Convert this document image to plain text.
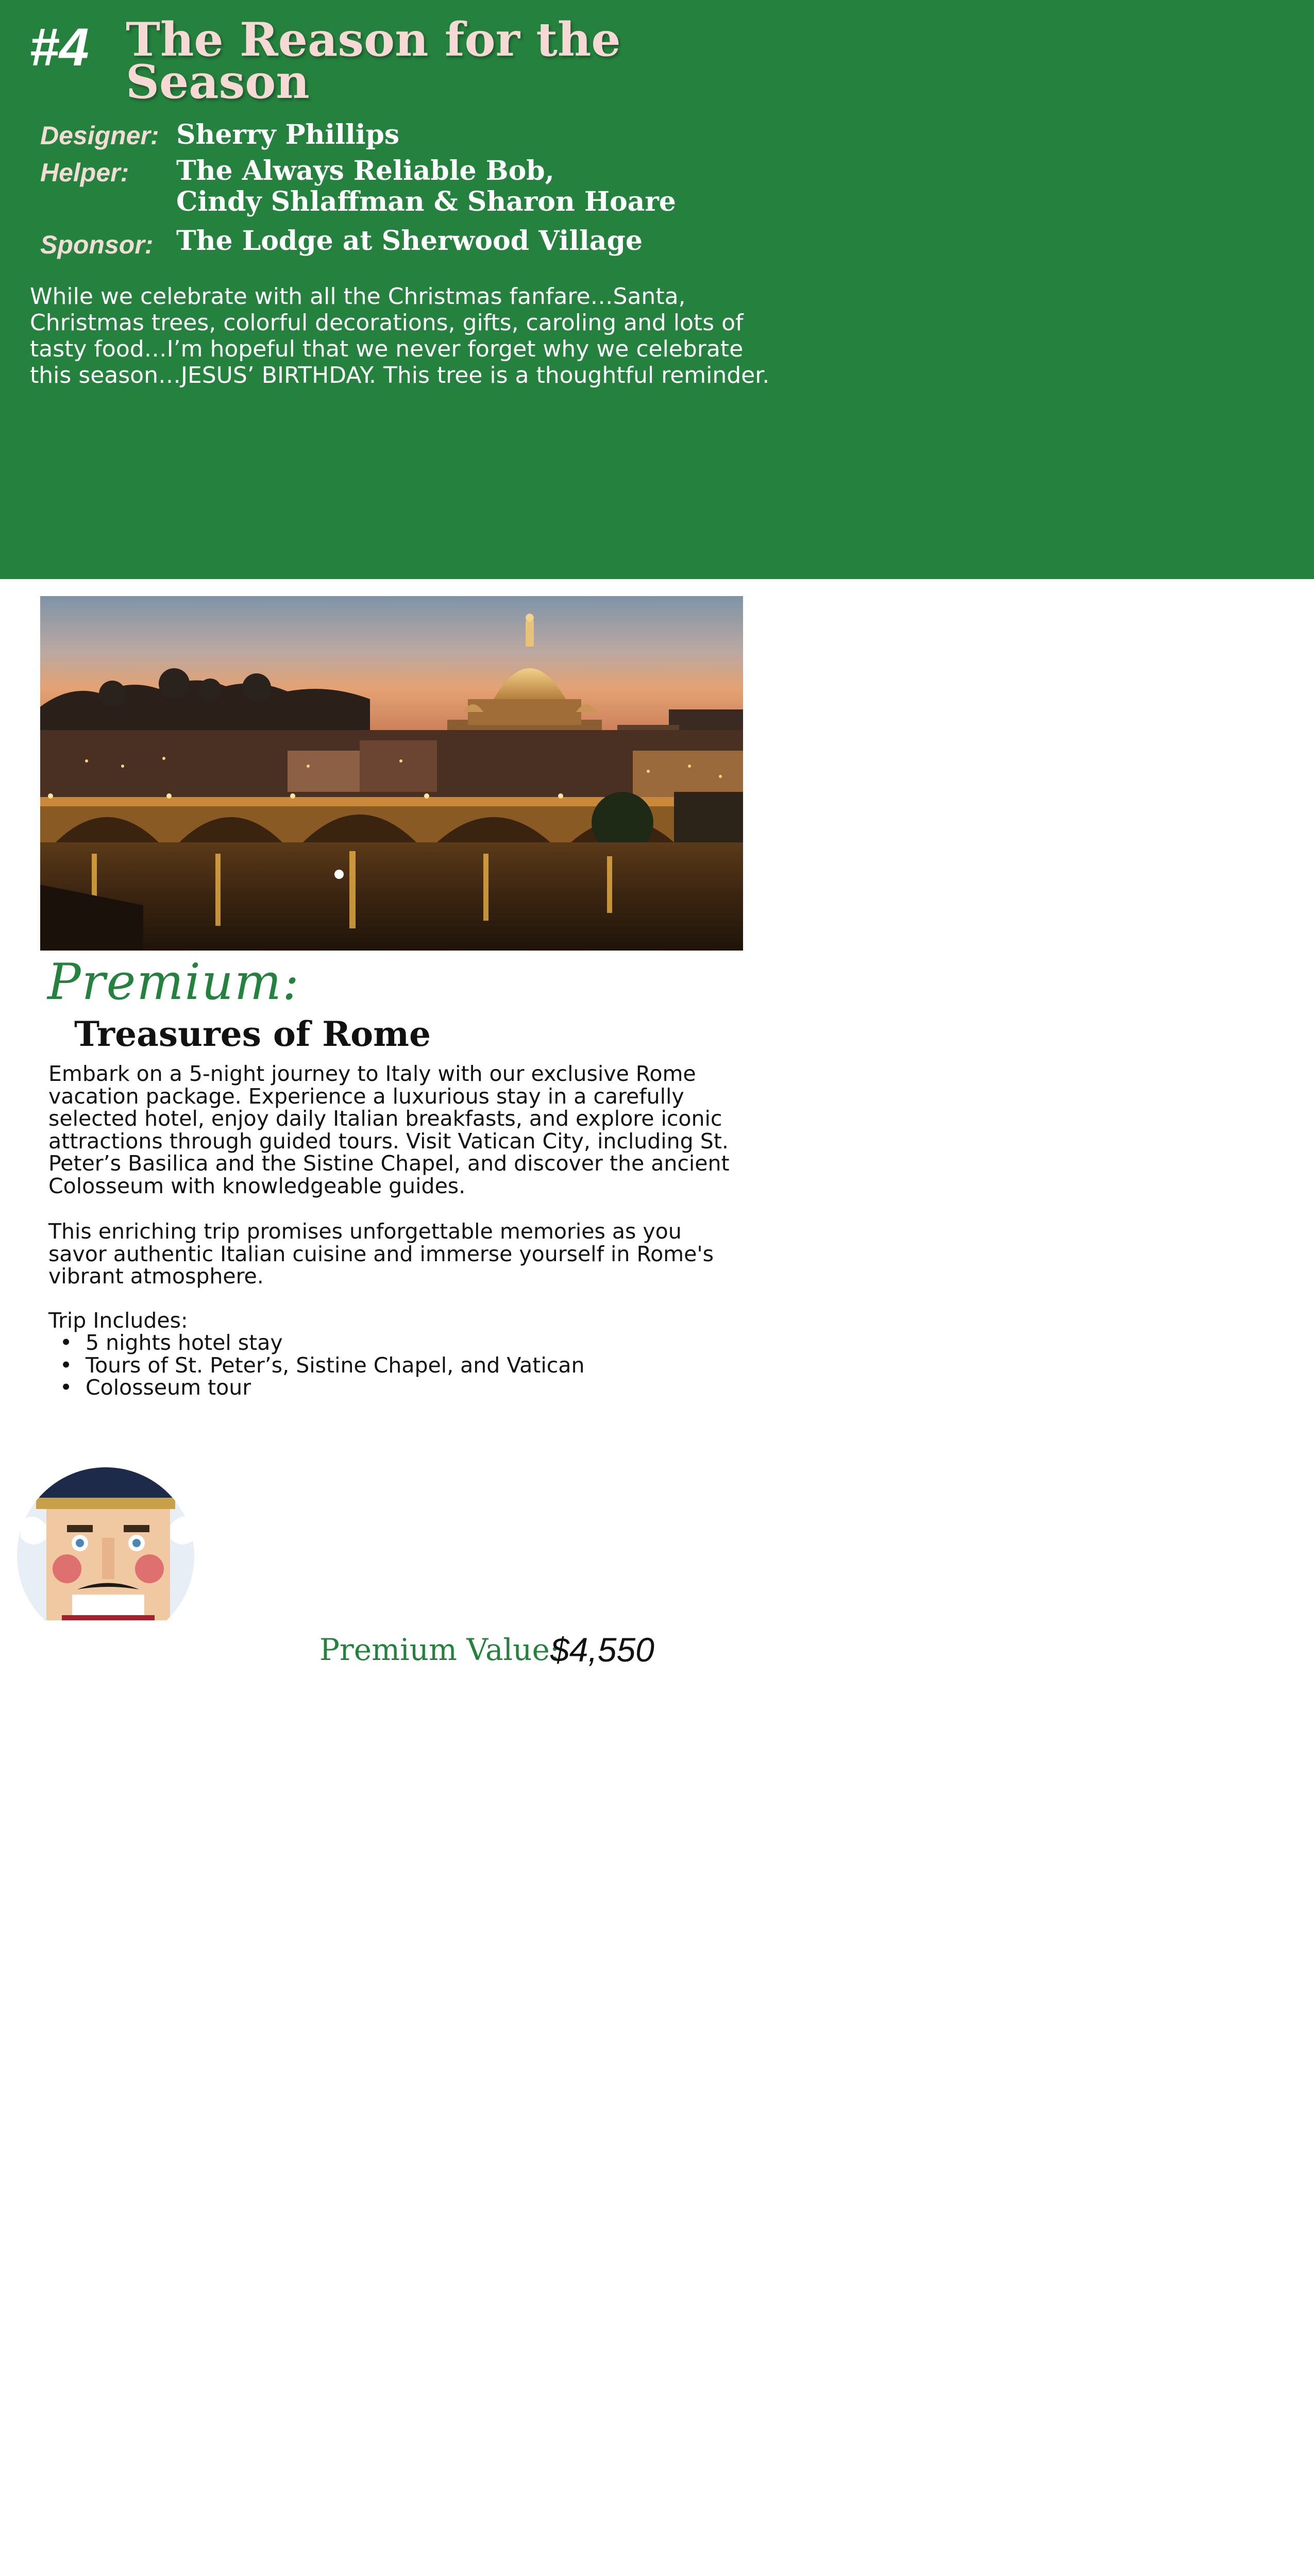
#4 The Reason for the
Season
Designer: Sherry Phillips
Helper: The Always Reliable Bob,
Cindy Shlaffman & Sharon Hoare
Sponsor: The Lodge at Sherwood Village
While we celebrate with all the Christmas fanfare…Santa, Christmas trees, colorful decorations, gifts, caroling and lots of tasty food…I’m hopeful that we never forget why we celebrate this season…JESUS’ BIRTHDAY. This tree is a thoughtful reminder.
Premium:
Treasures of Rome

Embark on a 5-night journey to Italy with our exclusive Rome vacation package. Experience a luxurious stay in a carefully selected hotel, enjoy daily Italian breakfasts, and explore iconic attractions through guided tours. Visit Vatican City, including St. Peter’s Basilica and the Sistine Chapel, and discover the ancient Colosseum with knowledgeable guides.

This enriching trip promises unforgettable memories as you savor authentic Italian cuisine and immerse yourself in Rome's vibrant atmosphere.

Trip Includes:

• 5 nights hotel stay
• Tours of St. Peter’s, Sistine Chapel, and Vatican
• Colosseum tour
Premium Value:
$4,550
